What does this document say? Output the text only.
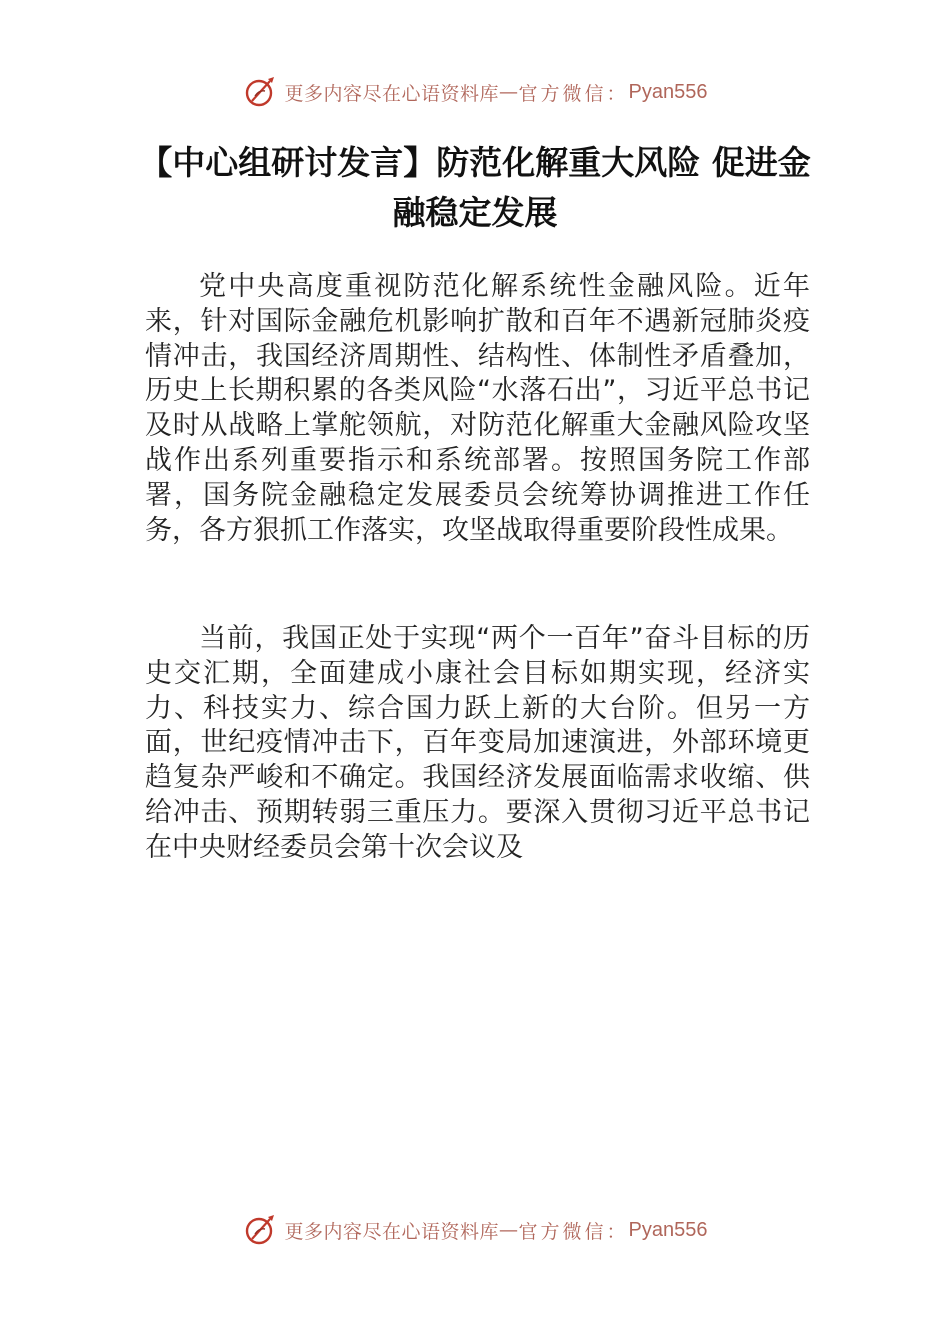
更多内容尽在心语资料库 — 官方微信： Pyan556
【中心组研讨发言】防范化解重大风险 促进金融稳定发展

党中央高度重视防范化解系统性金融风险。近年来，针对国际金融危机影响扩散和百年不遇新冠肺炎疫情冲击，我国经济周期性、结构性、体制性矛盾叠加，历史上长期积累的各类风险“水落石出”，习近平总书记及时从战略上掌舵领航，对防范化解重大金融风险攻坚战作出系列重要指示和系统部署。按照国务院工作部署，国务院金融稳定发展委员会统筹协调推进工作任务，各方狠抓工作落实，攻坚战取得重要阶段性成果。

当前，我国正处于实现“两个一百年”奋斗目标的历史交汇期，全面建成小康社会目标如期实现，经济实力、科技实力、综合国力跃上新的大台阶。但另一方面，世纪疫情冲击下，百年变局加速演进，外部环境更趋复杂严峻和不确定。我国经济发展面临需求收缩、供给冲击、预期转弱三重压力。要深入贯彻习近平总书记在中央财经委员会第十次会议及

更多内容尽在心语资料库 — 官方微信： Pyan556
